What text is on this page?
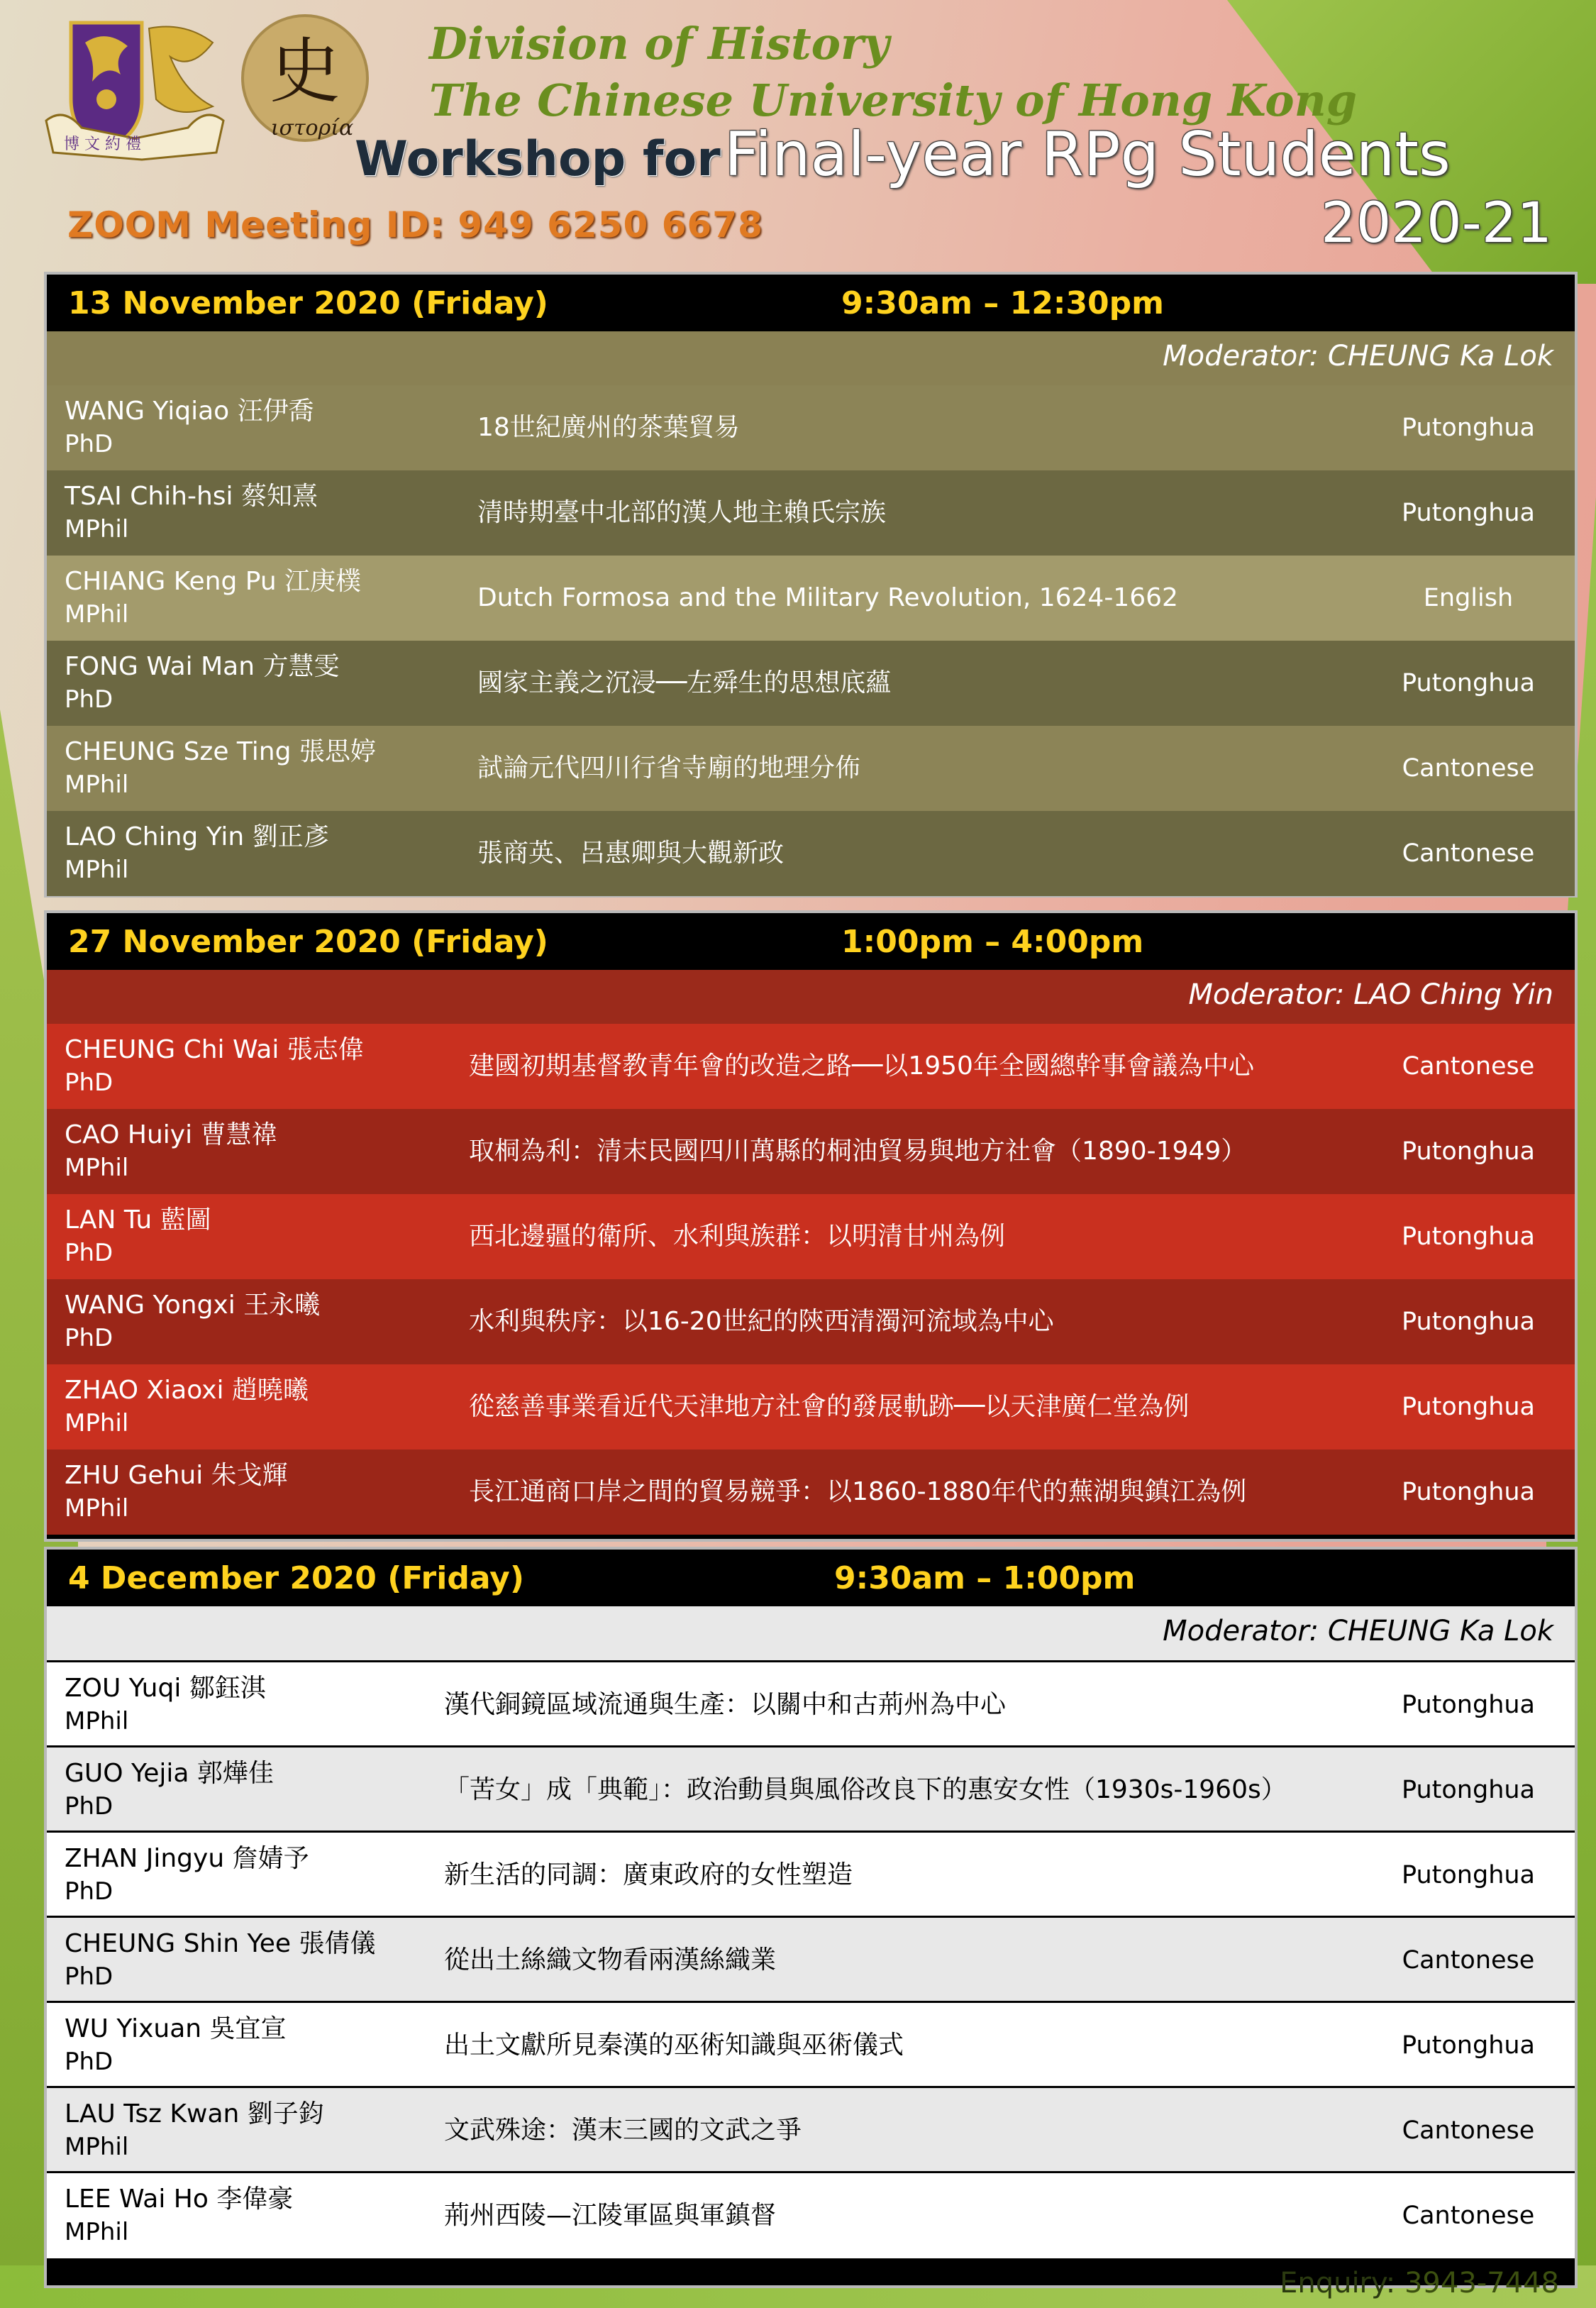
博 文 約 禮
史
ιστορία
Division of History
The Chinese University of Hong Kong
Workshop for Final-year RPg Students
ZOOM Meeting ID: 949 6250 6678	2020-21
13 November 2020 (Friday)	9:30am – 12:30pm
Moderator: CHEUNG Ka Lok
WANG Yiqiao 汪伊喬
PhD
18世紀廣州的茶葉貿易	Putonghua
TSAI Chih-hsi 蔡知熹
MPhil
清時期臺中北部的漢人地主賴氏宗族	Putonghua
CHIANG Keng Pu 江庚樸
MPhil
Dutch Formosa and the Military Revolution, 1624-1662	English
FONG Wai Man 方慧雯
PhD
國家主義之沉浸──左舜生的思想底蘊	Putonghua
CHEUNG Sze Ting 張思婷
MPhil
試論元代四川行省寺廟的地理分佈	Cantonese
LAO Ching Yin 劉正彥
MPhil
張商英、呂惠卿與大觀新政	Cantonese
27 November 2020 (Friday)	1:00pm – 4:00pm
Moderator: LAO Ching Yin
CHEUNG Chi Wai 張志偉
PhD
建國初期基督教青年會的改造之路──以1950年全國總幹事會議為中心	Cantonese
CAO Huiyi 曹慧禕
MPhil
取桐為利：清末民國四川萬縣的桐油貿易與地方社會（1890-1949）	Putonghua
LAN Tu 藍圖
PhD
西北邊疆的衛所、水利與族群：以明清甘州為例	Putonghua
WANG Yongxi 王永曦
PhD
水利與秩序：以16-20世紀的陝西清濁河流域為中心	Putonghua
ZHAO Xiaoxi 趙曉曦
MPhil
從慈善事業看近代天津地方社會的發展軌跡──以天津廣仁堂為例	Putonghua
ZHU Gehui 朱戈輝
MPhil
長江通商口岸之間的貿易競爭：以1860-1880年代的蕪湖與鎮江為例	Putonghua
4 December 2020 (Friday)	9:30am – 1:00pm
Moderator: CHEUNG Ka Lok
ZOU Yuqi 鄒鈺淇
MPhil
漢代銅鏡區域流通與生產：以關中和古荊州為中心	Putonghua
GUO Yejia 郭燁佳
PhD
「苦女」成「典範」：政治動員與風俗改良下的惠安女性（1930s-1960s）	Putonghua
ZHAN Jingyu 詹婧予
PhD
新生活的同調：廣東政府的女性塑造	Putonghua
CHEUNG Shin Yee 張倩儀
PhD
從出土絲織文物看兩漢絲織業	Cantonese
WU Yixuan 吳宜宣
PhD
出土文獻所見秦漢的巫術知識與巫術儀式	Putonghua
LAU Tsz Kwan 劉子鈞
MPhil
文武殊途：漢末三國的文武之爭	Cantonese
LEE Wai Ho 李偉豪
MPhil
荊州西陵—江陵軍區與軍鎮督	Cantonese
Enquiry: 3943-7448
